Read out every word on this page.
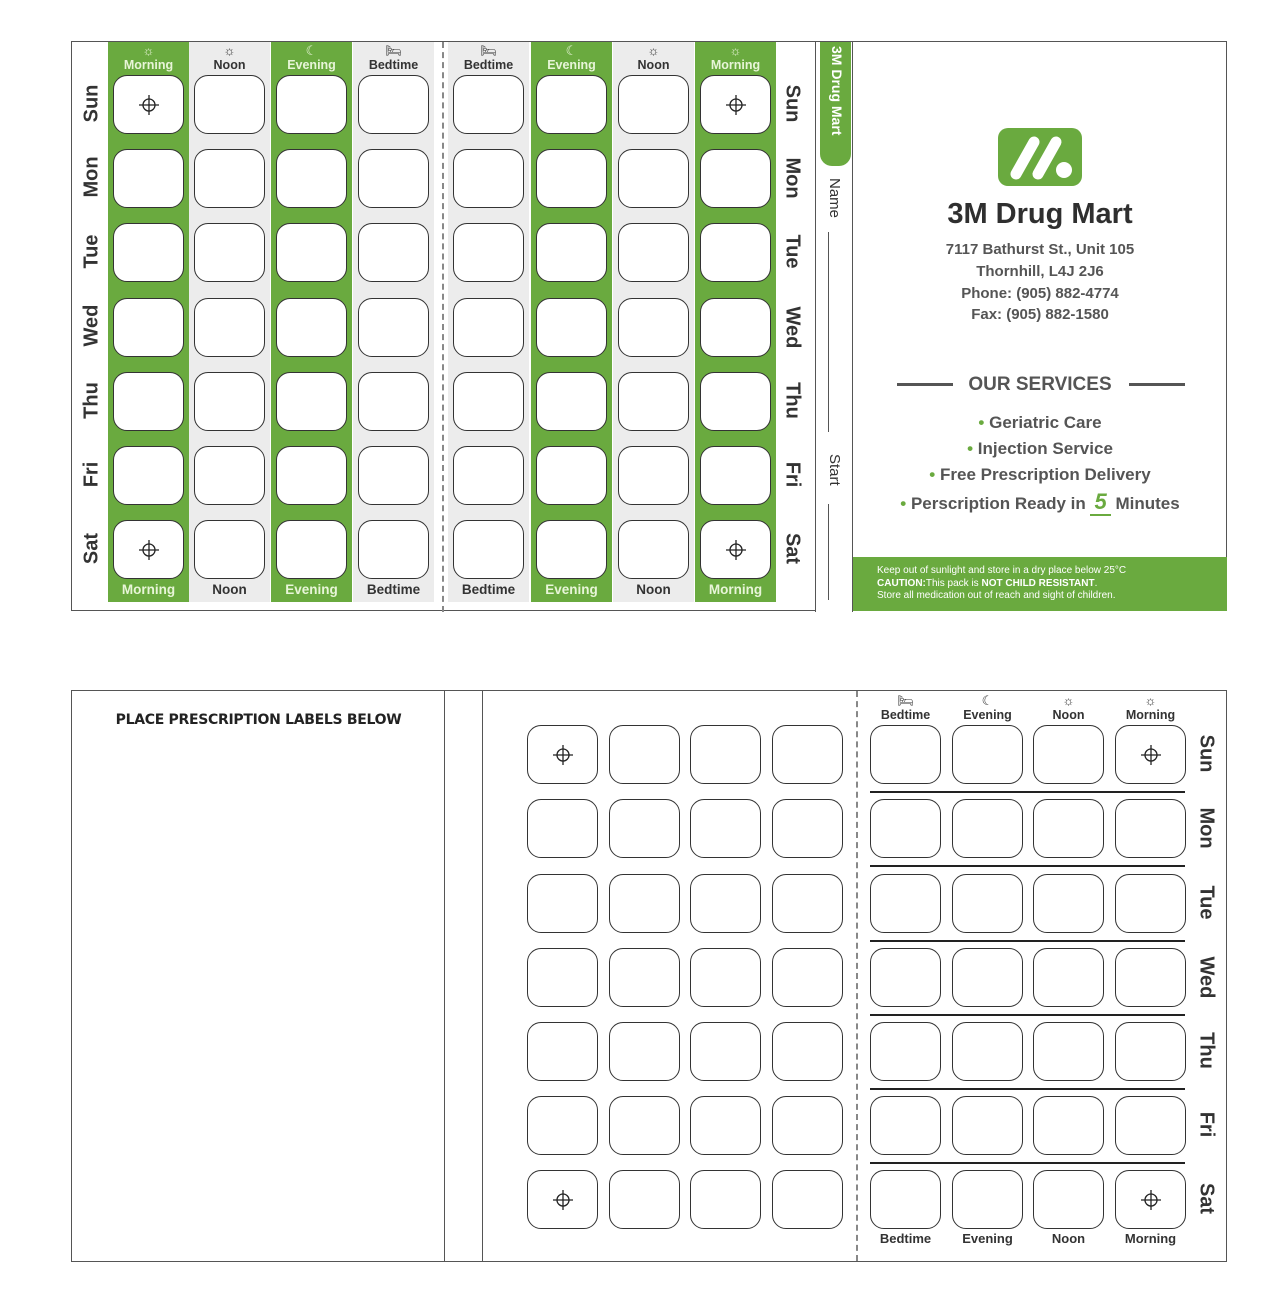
☼
Morning
Morning
☼
Noon
Noon
☾
Evening
Evening
🛏
Bedtime
Bedtime
🛏
Bedtime
Bedtime
☾
Evening
Evening
☼
Noon
Noon
☼
Morning
Morning
3M Drug Mart
Name
Start
3M Drug Mart
7117 Bathurst St., Unit 105
Thornhill, L4J 2J6
Phone: (905) 882-4774
Fax: (905) 882-1580
OUR SERVICES
• Geriatric Care
• Injection Service
• Free Prescription Delivery
• Perscription Ready in 5 Minutes
Keep out of sunlight and store in a dry place below 25°C
CAUTION:This pack is NOT CHILD RESISTANT.
Store all medication out of reach and sight of children.
Sun
Mon
Tue
Wed
Thu
Fri
Sat
Sun
Mon
Tue
Wed
Thu
Fri
Sat
PLACE PRESCRIPTION LABELS BELOW
Sun
Mon
Tue
Wed
Thu
Fri
Sat
🛏
Bedtime
Bedtime
☾
Evening
Evening
☼
Noon
Noon
☼
Morning
Morning
